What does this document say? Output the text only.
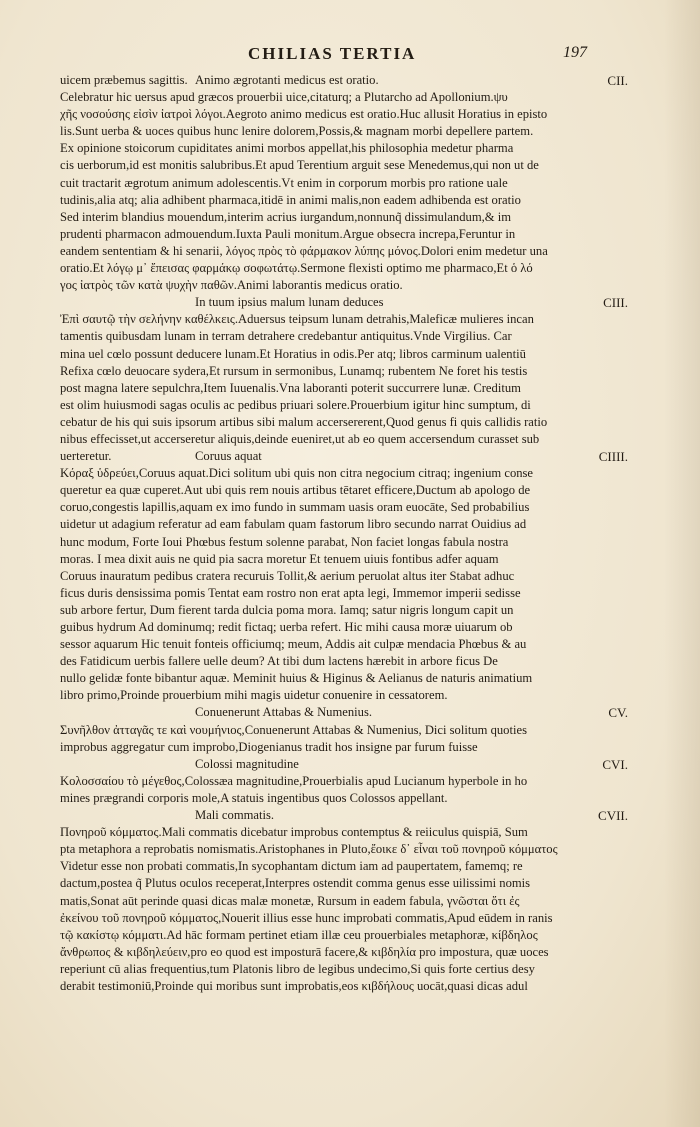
CHILIAS TERTIA	197
uicem præbemus sagittis. Animo ægrotanti medicus est oratio.	CII.
Celebratur hic uersus apud græcos prouerbii uice,citaturq; a Plutarcho ad Apollonium.ψυ
χῆς νοσούσης εἰσὶν ἰατροὶ λόγοι.Aegroto animo medicus est oratio.Huc allusit Horatius in episto
lis.Sunt uerba & uoces quibus hunc lenire dolorem,Possis,& magnam morbi depellere partem.
Ex opinione stoicorum cupiditates animi morbos appellat,his philosophia medetur pharma
cis uerborum,id est monitis salubribus.Et apud Terentium arguit sese Menedemus,qui non ut de
cuit tractarit ægrotum animum adolescentis.Vt enim in corporum morbis pro ratione uale
tudinis,alia atq; alia adhibent pharmaca,itidē in animi malis,non eadem adhibenda est oratio
Sed interim blandius mouendum,interim acrius iurgandum,nonnunq̃ dissimulandum,& im
prudenti pharmacon admouendum.Iuxta Pauli monitum.Argue obsecra increpa,Feruntur in
eandem sententiam & hi senarii, λόγος πρὸς τὸ φάρμακον λύπης μόνος.Dolori enim medetur una
oratio.Et λόγῳ μ᾽ ἔπεισας φαρμάκῳ σοφωτάτῳ.Sermone flexisti optimo me pharmaco,Et ὁ λό
γος ἰατρὸς τῶν κατὰ ψυχὴν παθῶν.Animi laborantis medicus oratio.
In tuum ipsius malum lunam deduces	CIII.
Ἐπὶ σαυτῷ τὴν σελήνην καθέλκεις.Aduersus teipsum lunam detrahis,Maleficæ mulieres incan
tamentis quibusdam lunam in terram detrahere credebantur antiquitus.Vnde Virgilius. Car
mina uel cœlo possunt deducere lunam.Et Horatius in odis.Per atq; libros carminum ualentiū
Refixa cœlo deuocare sydera,Et rursum in sermonibus, Lunamq; rubentem Ne foret his testis
post magna latere sepulchra,Item Iuuenalis.Vna laboranti poterit succurrere lunæ. Creditum
est olim huiusmodi sagas oculis ac pedibus priuari solere.Prouerbium igitur hinc sumptum, di
cebatur de his qui suis ipsorum artibus sibi malum accersererent,Quod genus fi quis callidis ratio
nibus effecisset,ut accerseretur aliquis,deinde eueniret,ut ab eo quem accersendum curasset sub
uerteretur.	Coruus aquat	CIIII.
Κόραξ ὑδρεύει,Coruus aquat.Dici solitum ubi quis non citra negocium citraq; ingenium conse
queretur ea quæ cuperet.Aut ubi quis rem nouis artibus tētaret efficere,Ductum ab apologo de
coruo,congestis lapillis,aquam ex imo fundo in summam uasis oram euocāte, Sed probabilius
uidetur ut adagium referatur ad eam fabulam quam fastorum libro secundo narrat Ouidius ad
hunc modum, Forte Ioui Phœbus festum solenne parabat, Non faciet longas fabula nostra
moras. I mea dixit auis ne quid pia sacra moretur Et tenuem uiuis fontibus adfer aquam
Coruus inauratum pedibus cratera recuruis Tollit,& aerium peruolat altus iter Stabat adhuc
ficus duris densissima pomis Tentat eam rostro non erat apta legi, Immemor imperii sedisse
sub arbore fertur, Dum fierent tarda dulcia poma mora. Iamq; satur nigris longum capit un
guibus hydrum Ad dominumq; redit fictaq; uerba refert. Hic mihi causa moræ uiuarum ob
sessor aquarum Hic tenuit fonteis officiumq; meum, Addis ait culpæ mendacia Phœbus & au
des Fatidicum uerbis fallere uelle deum? At tibi dum lactens hærebit in arbore ficus De
nullo gelidæ fonte bibantur aquæ. Meminit huius & Higinus & Aelianus de naturis animatium
libro primo,Proinde prouerbium mihi magis uidetur conuenire in cessatorem.
Conuenerunt Attabas & Numenius.	CV.
Συνῆλθον ἀτταγᾶς τε καὶ νουμήνιος,Conuenerunt Attabas & Numenius, Dici solitum quoties
improbus aggregatur cum improbo,Diogenianus tradit hos insigne par furum fuisse
Colossi magnitudine	CVI.
Κολοσσαίου τὸ μέγεθος,Colossæa magnitudine,Prouerbialis apud Lucianum hyperbole in ho
mines prægrandi corporis mole,A statuis ingentibus quos Colossos appellant.
Mali commatis.	CVII.
Πονηροῦ κόμματος.Mali commatis dicebatur improbus contemptus & reiiculus quispiā, Sum
pta metaphora a reprobatis nomismatis.Aristophanes in Pluto,ἔοικε δ᾽ εἶναι τοῦ πονηροῦ κόμματος
Videtur esse non probati commatis,In sycophantam dictum iam ad paupertatem, famemq; re
dactum,postea q̃ Plutus oculos receperat,Interpres ostendit comma genus esse uilissimi nomis
matis,Sonat aūt perinde quasi dicas malæ monetæ, Rursum in eadem fabula, γνῶσται ὅτι ἐς
ἐκείνου τοῦ πονηροῦ κόμματος,Nouerit illius esse hunc improbati commatis,Apud eūdem in ranis
τῷ κακίστῳ κόμματι.Ad hāc formam pertinet etiam illæ ceu prouerbiales metaphoræ, κίβδηλος
ἄνθρωπος & κιβδηλεύειν,pro eo quod est imposturā facere,& κιβδηλία pro impostura, quæ uoces
reperiunt cū alias frequentius,tum Platonis libro de legibus undecimo,Si quis forte certius desy
derabit testimoniū,Proinde qui moribus sunt improbatis,eos κιβδήλους uocāt,quasi dicas adul
